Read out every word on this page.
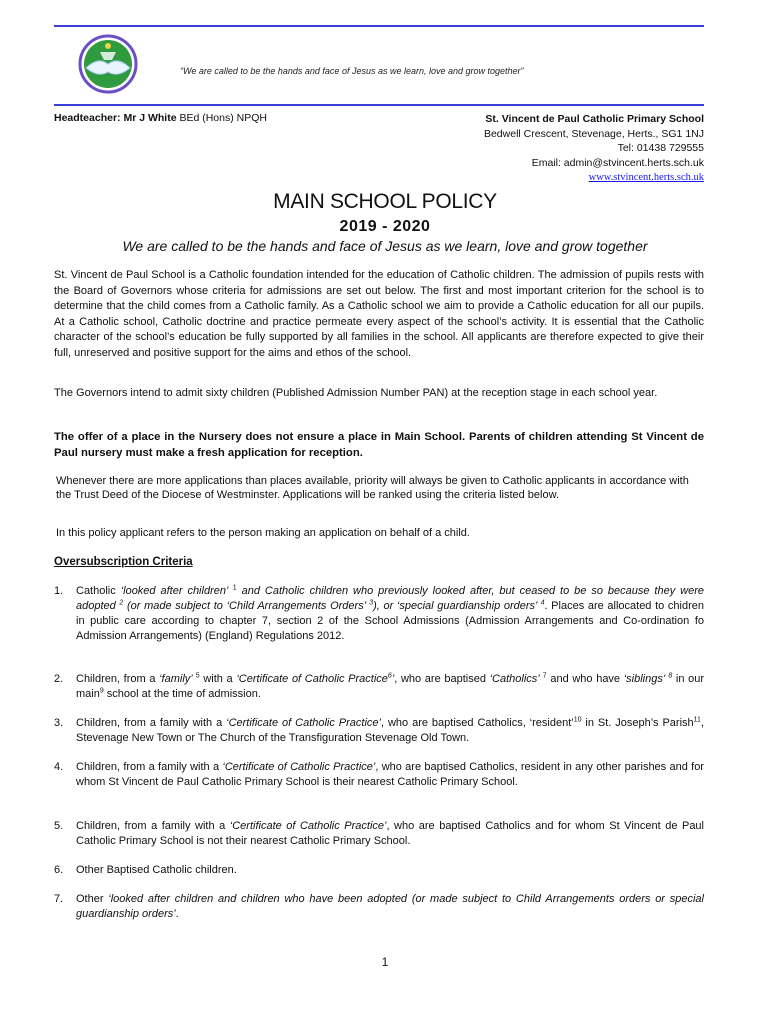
“We are called to be the hands and face of Jesus as we learn, love and grow together”
Headteacher: Mr J White BEd (Hons) NPQH	St. Vincent de Paul Catholic Primary School
Bedwell Crescent, Stevenage, Herts., SG1 1NJ
Tel: 01438 729555
Email: admin@stvincent.herts.sch.uk
www.stvincent.herts.sch.uk
MAIN SCHOOL POLICY
2019 - 2020
We are called to be the hands and face of Jesus as we learn, love and grow together
St. Vincent de Paul School is a Catholic foundation intended for the education of Catholic children. The admission of pupils rests with the Board of Governors whose criteria for admissions are set out below. The first and most important criterion for the school is to determine that the child comes from a Catholic family. As a Catholic school we aim to provide a Catholic education for all our pupils. At a Catholic school, Catholic doctrine and practice permeate every aspect of the school’s activity. It is essential that the Catholic character of the school’s education be fully supported by all families in the school. All applicants are therefore expected to give their full, unreserved and positive support for the aims and ethos of the school.
The Governors intend to admit sixty children (Published Admission Number PAN) at the reception stage in each school year.
The offer of a place in the Nursery does not ensure a place in Main School. Parents of children attending St Vincent de Paul nursery must make a fresh application for reception.
Whenever there are more applications than places available, priority will always be given to Catholic applicants in accordance with the Trust Deed of the Diocese of Westminster. Applications will be ranked using the criteria listed below.
In this policy applicant refers to the person making an application on behalf of a child.
Oversubscription Criteria
1. Catholic ‘looked after children’ $^1$ and Catholic children who previously looked after, but ceased to be so because they were adopted $^2$ (or made subject to ‘Child Arrangements Orders’ $^3$), or ‘special guardianship orders’ $^4$. Places are allocated to chidren in public care according to chapter 7, section 2 of the School Admissions (Admission Arrangements and Co-ordination fo Admission Arrangements) (England) Regulations 2012.
2. Children, from a ‘family’ $^5$ with a ‘Certificate of Catholic Practice$^6$’, who are baptised ‘Catholics’ $^7$ and who have ‘siblings’ $^8$ in our main$^9$ school at the time of admission.
3. Children, from a family with a ‘Certificate of Catholic Practice’, who are baptised Catholics, ‘resident’$^{10}$ in St. Joseph’s Parish$^{11}$, Stevenage New Town or The Church of the Transfiguration Stevenage Old Town.
4. Children, from a family with a ‘Certificate of Catholic Practice’, who are baptised Catholics, resident in any other parishes and for whom St Vincent de Paul Catholic Primary School is their nearest Catholic Primary School.
5. Children, from a family with a ‘Certificate of Catholic Practice’, who are baptised Catholics and for whom St Vincent de Paul Catholic Primary School is not their nearest Catholic Primary School.
6. Other Baptised Catholic children.
7. Other ‘looked after children and children who have been adopted (or made subject to Child Arrangements orders or special guardianship orders’.
1
